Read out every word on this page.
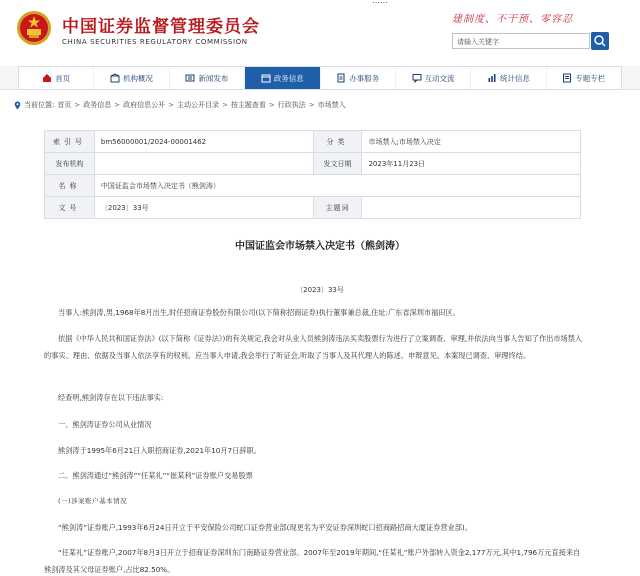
中国证券监督管理委员会
CHINA SECURITIES REGULATORY COMMISSION
……
建制度、不干预、零容忍
请输入关键字
首页	机构概况	新闻发布	政务信息	办事服务	互动交流	统计信息	专题专栏
当前位置: 首页 > 政务信息 > 政府信息公开 > 主动公开目录 > 按主题查看 > 行政执法 > 市场禁入
索引号	bm56000001/2024-00001462	分类	市场禁入;市场禁入决定
发布机构		发文日期	2023年11月23日
名称	中国证监会市场禁入决定书（熊剑涛）		
文号	〔2023〕33号	主题词	
中国证监会市场禁入决定书（熊剑涛）
〔2023〕33号
当事人:熊剑涛,男,1968年8月出生,时任招商证券股份有限公司(以下简称招商证券)执行董事兼总裁,住址:广东省深圳市福田区。
依据《中华人民共和国证券法》(以下简称《证券法》)的有关规定,我会对从业人员熊剑涛违法买卖股票行为进行了立案调查、审理,并依法向当事人告知了作出市场禁入的事实、理由、依据及当事人依法享有的权利。应当事人申请,我会举行了听证会,听取了当事人及其代理人的陈述、申辩意见。本案现已调查、审理终结。
经查明,熊剑涛存在以下违法事实:
一、熊剑涛证券公司从业情况
熊剑涛于1995年6月21日入职招商证券,2021年10月7日辞职。
二、熊剑涛通过“熊剑涛”“任某礼”“崔某利”证券账户交易股票
(一)涉案账户基本情况
“熊剑涛”证券账户,1993年6月24日开立于平安保险公司蛇口证券营业部(现更名为平安证券深圳蛇口招商路招商大厦证券营业部)。
“任某礼”证券账户,2007年8月3日开立于招商证券深圳东门南路证券营业部。2007年至2019年期间,“任某礼”账户外部转入资金2,177万元,其中1,796万元直接来自熊剑涛及其父母证券账户,占比82.50%。
